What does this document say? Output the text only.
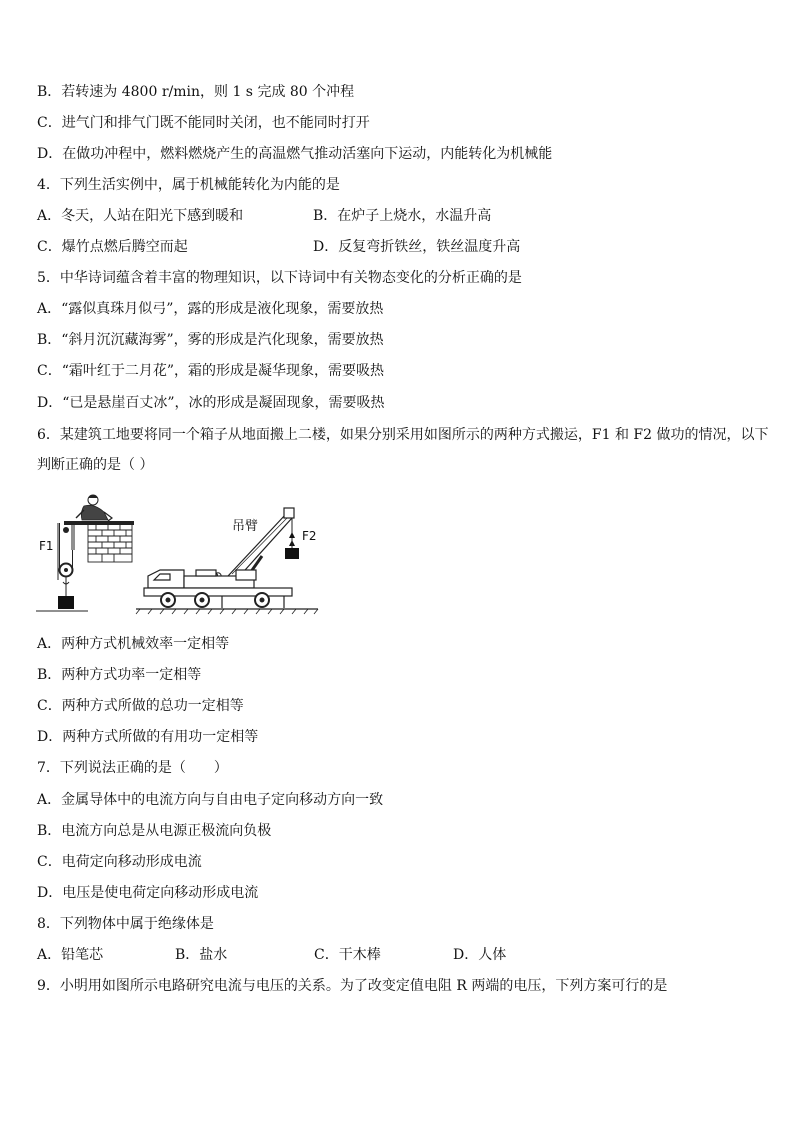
B．若转速为 4800 r/min，则 1 s 完成 80 个冲程
C．进气门和排气门既不能同时关闭，也不能同时打开
D．在做功冲程中，燃料燃烧产生的高温燃气推动活塞向下运动，内能转化为机械能
4．下列生活实例中，属于机械能转化为内能的是
A．冬天，人站在阳光下感到暖和	B．在炉子上烧水，水温升高
C．爆竹点燃后腾空而起	D．反复弯折铁丝，铁丝温度升高
5．中华诗词蕴含着丰富的物理知识，以下诗词中有关物态变化的分析正确的是
A．“露似真珠月似弓”，露的形成是液化现象，需要放热
B．“斜月沉沉藏海雾”，雾的形成是汽化现象，需要放热
C．“霜叶红于二月花”，霜的形成是凝华现象，需要吸热
D．“已是悬崖百丈冰”，冰的形成是凝固现象，需要吸热
6．某建筑工地要将同一个箱子从地面搬上二楼，如果分别采用如图所示的两种方式搬运，F1 和 F2 做功的情况，以下
判断正确的是（ ）
F1
吊臂
F2
A．两种方式机械效率一定相等
B．两种方式功率一定相等
C．两种方式所做的总功一定相等
D．两种方式所做的有用功一定相等
7．下列说法正确的是（　　）
A．金属导体中的电流方向与自由电子定向移动方向一致
B．电流方向总是从电源正极流向负极
C．电荷定向移动形成电流
D．电压是使电荷定向移动形成电流
8．下列物体中属于绝缘体是
A．铅笔芯	B．盐水	C．干木棒	D．人体
9．小明用如图所示电路研究电流与电压的关系。为了改变定值电阻 R 两端的电压，下列方案可行的是
